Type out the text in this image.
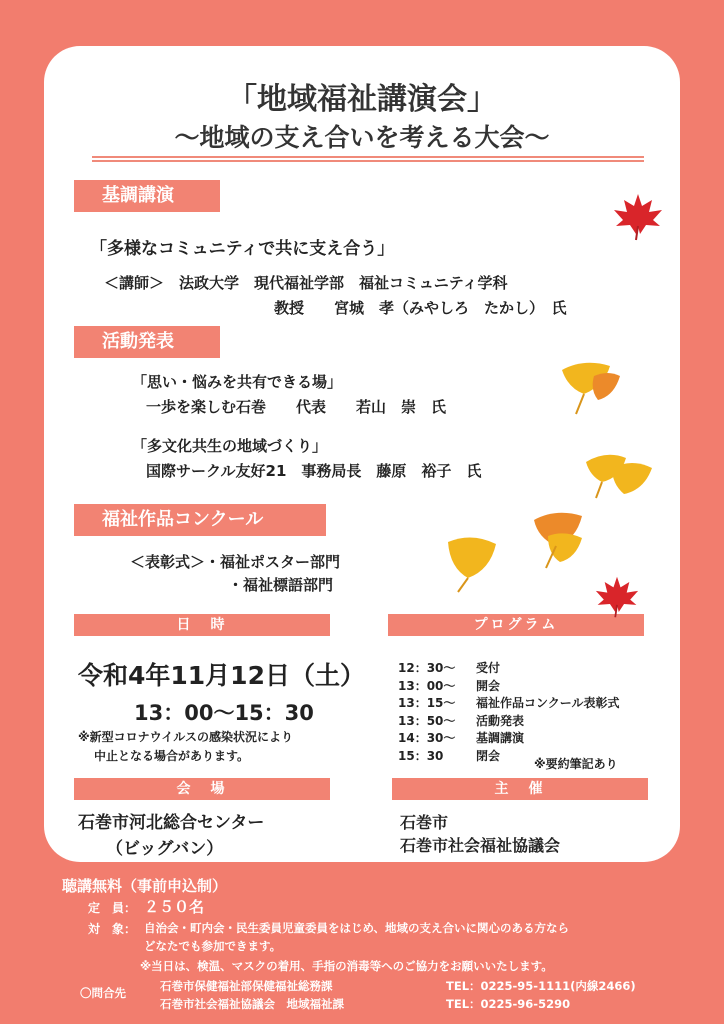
「地域福祉講演会」
～地域の支え合いを考える大会～
基調講演
「多様なコミュニティで共に支え合う」
＜講師＞　法政大学　現代福祉学部　福祉コミュニティ学科
教授　　宮城　孝（みやしろ　たかし）　氏
活動発表
「思い・悩みを共有できる場」
一歩を楽しむ石巻　　代表　　若山　崇　氏
「多文化共生の地域づくり」
国際サークル友好21　事務局長　藤原　裕子　氏
福祉作品コンクール
＜表彰式＞・福祉ポスター部門
・福祉標語部門
日　時
令和4年11月12日（土）
13：00～15：30
※新型コロナウイルスの感染状況により
中止となる場合があります。
プログラム
12：30～ 受付
13：00～ 開会
13：15～ 福祉作品コンクール表彰式
13：50～ 活動発表
14：30～ 基調講演
15：30	閉会
※要約筆記あり
会　場
石巻市河北総合センター
（ビッグバン）
主　催
石巻市
石巻市社会福祉協議会
聴講無料（事前申込制）
定　員： ２５０名
対　象： 自治会・町内会・民生委員児童委員をはじめ、地域の支え合いに関心のある方なら
どなたでも参加できます。
※当日は、検温、マスクの着用、手指の消毒等へのご協力をお願いいたします。
〇問合先	石巻市保健福祉部保健福祉総務課	TEL：0225-95-1111(内線2466)
石巻市社会福祉協議会　地域福祉課	TEL：0225-96-5290
